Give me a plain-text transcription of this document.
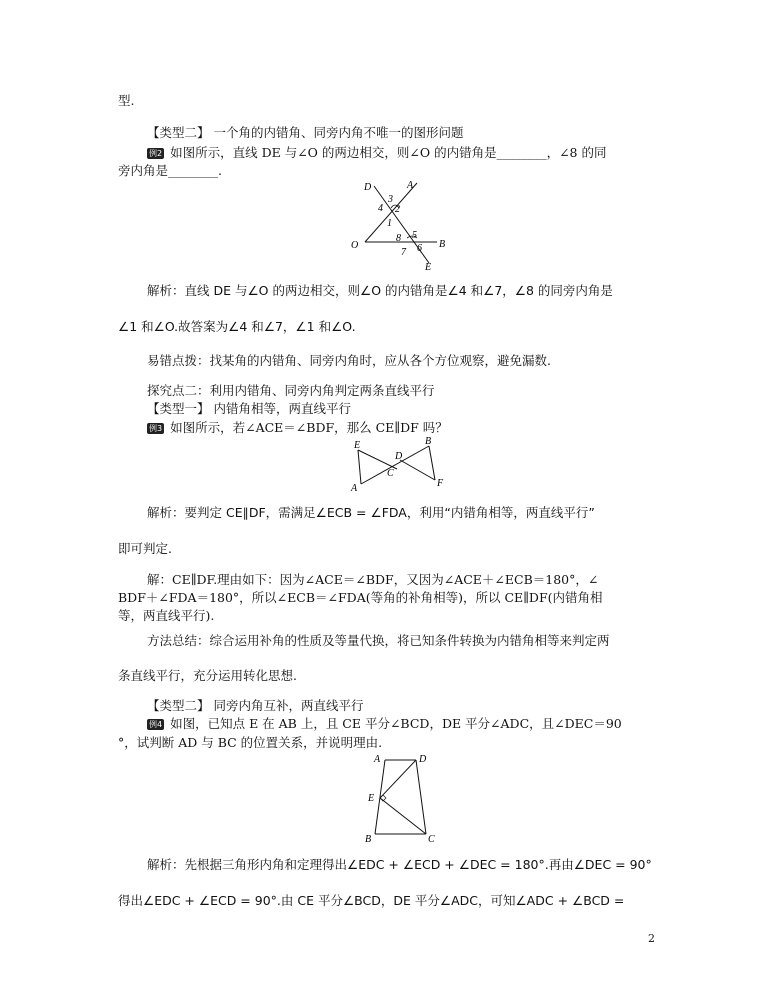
型.
【类型二】 一个角的内错角、同旁内角不唯一的图形问题
例2 如图所示，直线 DE 与∠O 的两边相交，则∠O 的内错角是________，∠8 的同
旁内角是________.
D	A
3
4 2
1
8 5
7 6
O	B
E
解析：直线 DE 与∠O 的两边相交，则∠O 的内错角是∠4 和∠7，∠8 的同旁内角是
∠1 和∠O.故答案为∠4 和∠7，∠1 和∠O.
易错点拨：找某角的内错角、同旁内角时，应从各个方位观察，避免漏数.
探究点二：利用内错角、同旁内角判定两条直线平行
【类型一】 内错角相等，两直线平行
例3 如图所示，若∠ACE＝∠BDF，那么 CE∥DF 吗？
E	B
D
C
A	F
解析：要判定 CE∥DF，需满足∠ECB = ∠FDA，利用“内错角相等，两直线平行”
即可判定.
解：CE∥DF.理由如下：因为∠ACE＝∠BDF，又因为∠ACE＋∠ECB＝180°，∠
BDF＋∠FDA＝180°，所以∠ECB＝∠FDA(等角的补角相等)，所以 CE∥DF(内错角相
等，两直线平行).
方法总结：综合运用补角的性质及等量代换，将已知条件转换为内错角相等来判定两
条直线平行，充分运用转化思想.
【类型二】 同旁内角互补，两直线平行
例4 如图，已知点 E 在 AB 上，且 CE 平分∠BCD，DE 平分∠ADC，且∠DEC＝90
°，试判断 AD 与 BC 的位置关系，并说明理由.
A	D
E
B	C
解析：先根据三角形内角和定理得出∠EDC + ∠ECD + ∠DEC = 180°.再由∠DEC = 90°
得出∠EDC + ∠ECD = 90°.由 CE 平分∠BCD，DE 平分∠ADC，可知∠ADC + ∠BCD =
2
